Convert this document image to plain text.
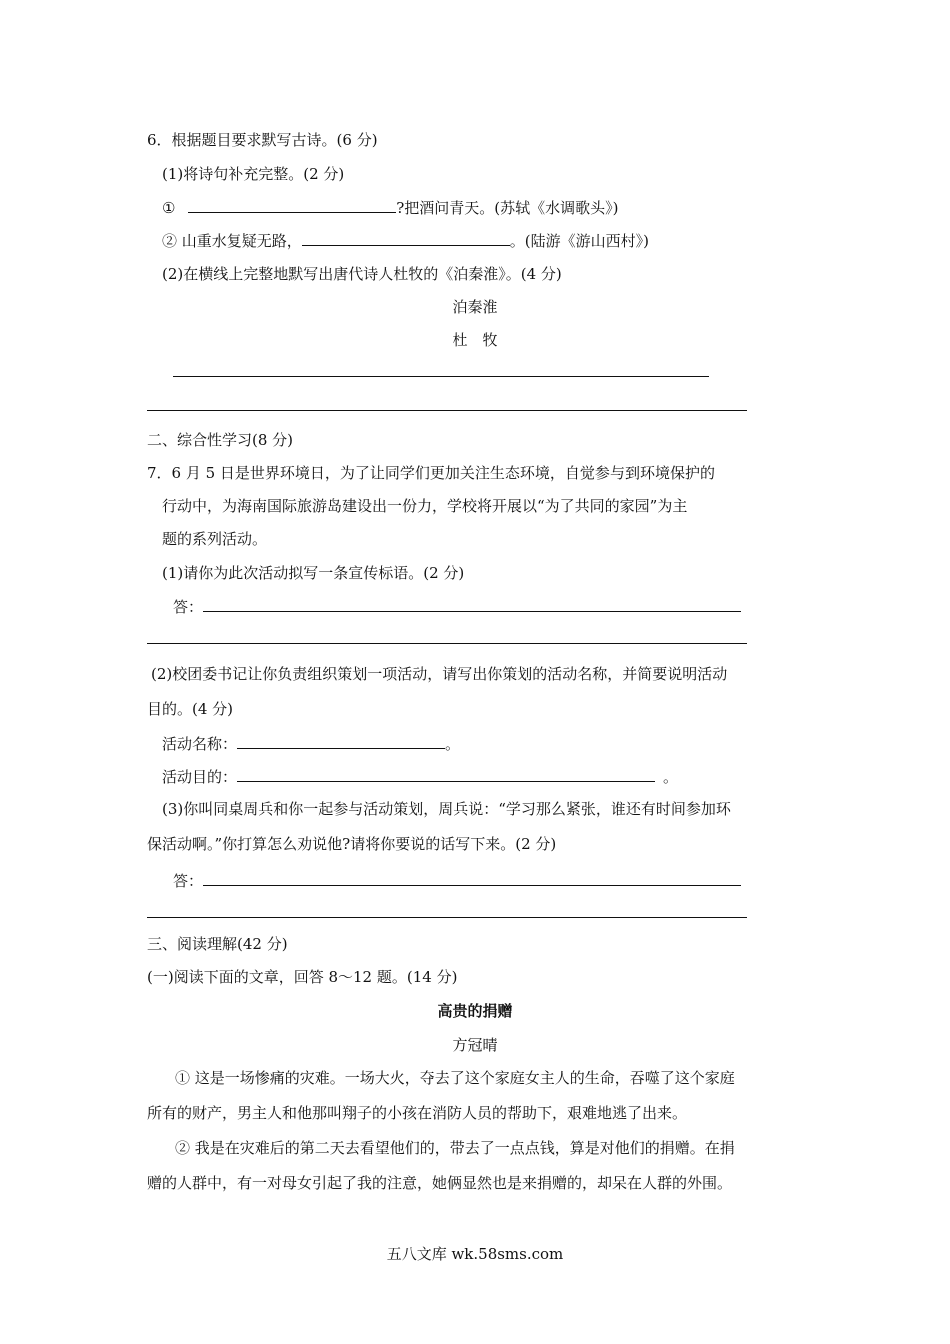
6．根据题目要求默写古诗。(6 分)
(1)将诗句补充完整。(2 分)
①	?把酒问青天。(苏轼《水调歌头》)
② 山重水复疑无路，	。(陆游《游山西村》)
(2)在横线上完整地默写出唐代诗人杜牧的《泊秦淮》。(4 分)
泊秦淮
杜　牧
二、综合性学习(8 分)
7．6 月 5 日是世界环境日，为了让同学们更加关注生态环境，自觉参与到环境保护的
行动中，为海南国际旅游岛建设出一份力，学校将开展以“为了共同的家园”为主
题的系列活动。
(1)请你为此次活动拟写一条宣传标语。(2 分)
答：
(2)校团委书记让你负责组织策划一项活动，请写出你策划的活动名称，并简要说明活动
目的。(4 分)
活动名称：	。
活动目的：	。
(3)你叫同桌周兵和你一起参与活动策划，周兵说：“学习那么紧张，谁还有时间参加环
保活动啊。”你打算怎么劝说他?请将你要说的话写下来。(2 分)
答：
三、阅读理解(42 分)
(一)阅读下面的文章，回答 8～12 题。(14 分)
高贵的捐赠
方冠晴
① 这是一场惨痛的灾难。一场大火，夺去了这个家庭女主人的生命，吞噬了这个家庭
所有的财产，男主人和他那叫翔子的小孩在消防人员的帮助下，艰难地逃了出来。
② 我是在灾难后的第二天去看望他们的，带去了一点点钱，算是对他们的捐赠。在捐
赠的人群中，有一对母女引起了我的注意，她俩显然也是来捐赠的，却呆在人群的外围。
五八文库 wk.58sms.com
